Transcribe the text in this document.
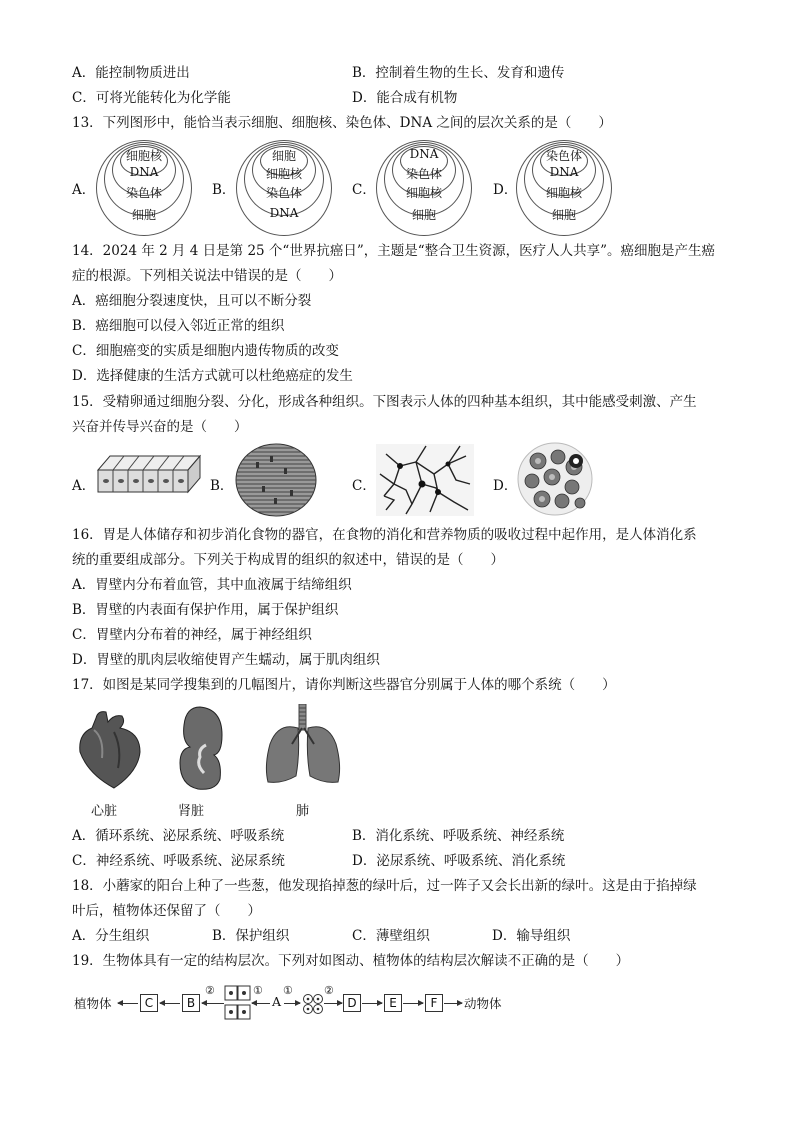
A．能控制物质进出	B．控制着生物的生长、发育和遗传
C．可将光能转化为化学能	D．能合成有机物
13．下列图形中，能恰当表示细胞、细胞核、染色体、DNA 之间的层次关系的是（　　）
A．
细胞核
DNA
染色体
细胞
B．
细胞
细胞核
染色体
DNA
C．
DNA
染色体
细胞核
细胞
D．
染色体
DNA
细胞核
细胞
14．2024 年 2 月 4 日是第 25 个“世界抗癌日”，主题是“整合卫生资源，医疗人人共享”。癌细胞是产生癌
症的根源。下列相关说法中错误的是（　　）
A．癌细胞分裂速度快，且可以不断分裂
B．癌细胞可以侵入邻近正常的组织
C．细胞癌变的实质是细胞内遗传物质的改变
D．选择健康的生活方式就可以杜绝癌症的发生
15．受精卵通过细胞分裂、分化，形成各种组织。下图表示人体的四种基本组织，其中能感受刺激、产生
兴奋并传导兴奋的是（　　）
A．	B．	C．	D．
16．胃是人体储存和初步消化食物的器官，在食物的消化和营养物质的吸收过程中起作用，是人体消化系
统的重要组成部分。下列关于构成胃的组织的叙述中，错误的是（　　）
A．胃壁内分布着血管，其中血液属于结缔组织
B．胃壁的内表面有保护作用，属于保护组织
C．胃壁内分布着的神经，属于神经组织
D．胃壁的肌肉层收缩使胃产生蠕动，属于肌肉组织
17．如图是某同学搜集到的几幅图片，请你判断这些器官分别属于人体的哪个系统（　　）
心脏	肾脏	肺
A．循环系统、泌尿系统、呼吸系统	B．消化系统、呼吸系统、神经系统
C．神经系统、呼吸系统、泌尿系统	D．泌尿系统、呼吸系统、消化系统
18．小蘑家的阳台上种了一些葱，他发现掐掉葱的绿叶后，过一阵子又会长出新的绿叶。这是由于掐掉绿
叶后，植物体还保留了（　　）
A．分生组织	B．保护组织	C．薄壁组织	D．输导组织
19．生物体具有一定的结构层次。下列对如图动、植物体的结构层次解读不正确的是（　　）
植物体	C	B
②	①
A
①	②
D	E	F	动物体
